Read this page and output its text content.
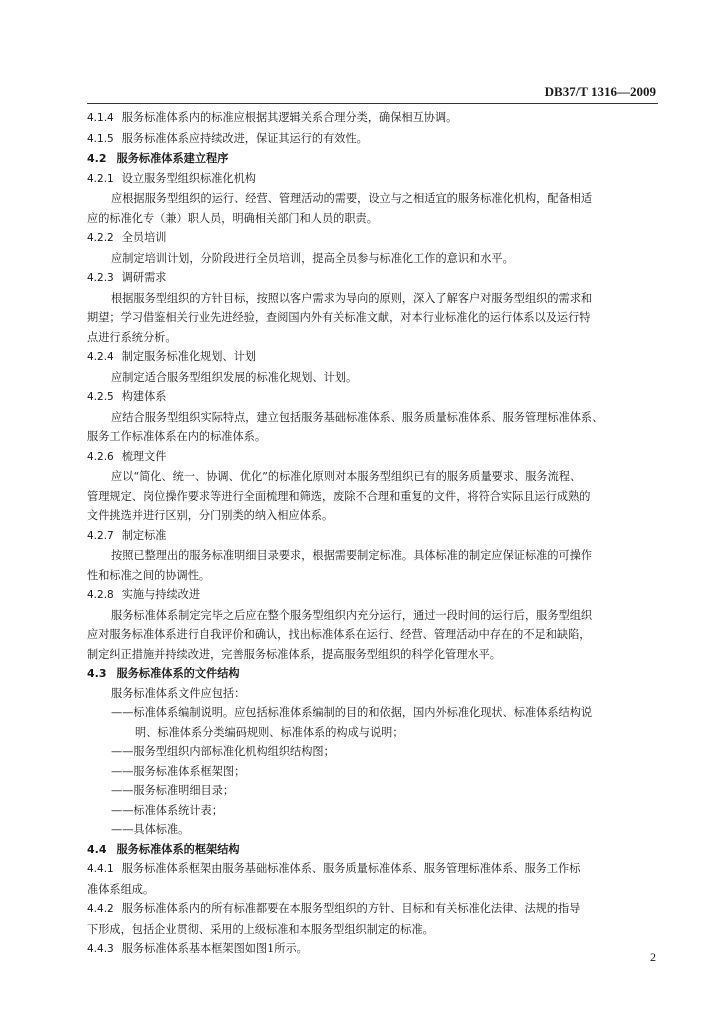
DB37/T 1316—2009
4.1.4 服务标准体系内的标准应根据其逻辑关系合理分类，确保相互协调。
4.1.5 服务标准体系应持续改进，保证其运行的有效性。
4.2 服务标准体系建立程序
4.2.1 设立服务型组织标准化机构
应根据服务型组织的运行、经营、管理活动的需要，设立与之相适宜的服务标准化机构，配备相适
应的标准化专（兼）职人员，明确相关部门和人员的职责。
4.2.2 全员培训
应制定培训计划，分阶段进行全员培训，提高全员参与标准化工作的意识和水平。
4.2.3 调研需求
根据服务型组织的方针目标，按照以客户需求为导向的原则，深入了解客户对服务型组织的需求和
期望；学习借鉴相关行业先进经验，查阅国内外有关标准文献，对本行业标准化的运行体系以及运行特
点进行系统分析。
4.2.4 制定服务标准化规划、计划
应制定适合服务型组织发展的标准化规划、计划。
4.2.5 构建体系
应结合服务型组织实际特点，建立包括服务基础标准体系、服务质量标准体系、服务管理标准体系、
服务工作标准体系在内的标准体系。
4.2.6 梳理文件
应以“简化、统一、协调、优化”的标准化原则对本服务型组织已有的服务质量要求、服务流程、
管理规定、岗位操作要求等进行全面梳理和筛选，废除不合理和重复的文件，将符合实际且运行成熟的
文件挑选并进行区别，分门别类的纳入相应体系。
4.2.7 制定标准
按照已整理出的服务标准明细目录要求，根据需要制定标准。具体标准的制定应保证标准的可操作
性和标准之间的协调性。
4.2.8 实施与持续改进
服务标准体系制定完毕之后应在整个服务型组织内充分运行，通过一段时间的运行后，服务型组织
应对服务标准体系进行自我评价和确认，找出标准体系在运行、经营、管理活动中存在的不足和缺陷，
制定纠正措施并持续改进，完善服务标准体系，提高服务型组织的科学化管理水平。
4.3 服务标准体系的文件结构
服务标准体系文件应包括：
——标准体系编制说明。应包括标准体系编制的目的和依据，国内外标准化现状、标准体系结构说
明、标准体系分类编码规则、标准体系的构成与说明；
——服务型组织内部标准化机构组织结构图；
——服务标准体系框架图；
——服务标准明细目录；
——标准体系统计表；
——具体标准。
4.4 服务标准体系的框架结构
4.4.1 服务标准体系框架由服务基础标准体系、服务质量标准体系、服务管理标准体系、服务工作标
准体系组成。
4.4.2 服务标准体系内的所有标准都要在本服务型组织的方针、目标和有关标准化法律、法规的指导
下形成，包括企业贯彻、采用的上级标准和本服务型组织制定的标准。
4.4.3 服务标准体系基本框架图如图1所示。
2
